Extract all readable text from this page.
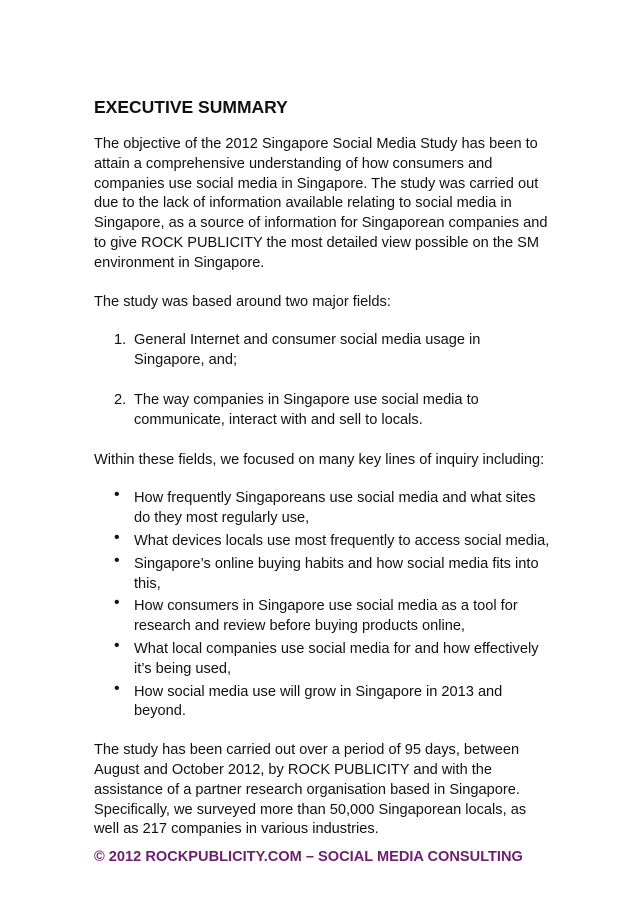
EXECUTIVE SUMMARY

The objective of the 2012 Singapore Social Media Study has been to attain a comprehensive understanding of how consumers and companies use social media in Singapore. The study was carried out due to the lack of information available relating to social media in Singapore, as a source of information for Singaporean companies and to give ROCK PUBLICITY the most detailed view possible on the SM environment in Singapore.

The study was based around two major fields:

1. General Internet and consumer social media usage in Singapore, and;
2. The way companies in Singapore use social media to communicate, interact with and sell to locals.

Within these fields, we focused on many key lines of inquiry including:

• How frequently Singaporeans use social media and what sites do they most regularly use,
• What devices locals use most frequently to access social media,
• Singapore’s online buying habits and how social media fits into this,
• How consumers in Singapore use social media as a tool for research and review before buying products online,
• What local companies use social media for and how effectively it’s being used,
• How social media use will grow in Singapore in 2013 and beyond.

The study has been carried out over a period of 95 days, between August and October 2012, by ROCK PUBLICITY and with the assistance of a partner research organisation based in Singapore. Specifically, we surveyed more than 50,000 Singaporean locals, as well as 217 companies in various industries.

© 2012 ROCKPUBLICITY.COM – SOCIAL MEDIA CONSULTING
